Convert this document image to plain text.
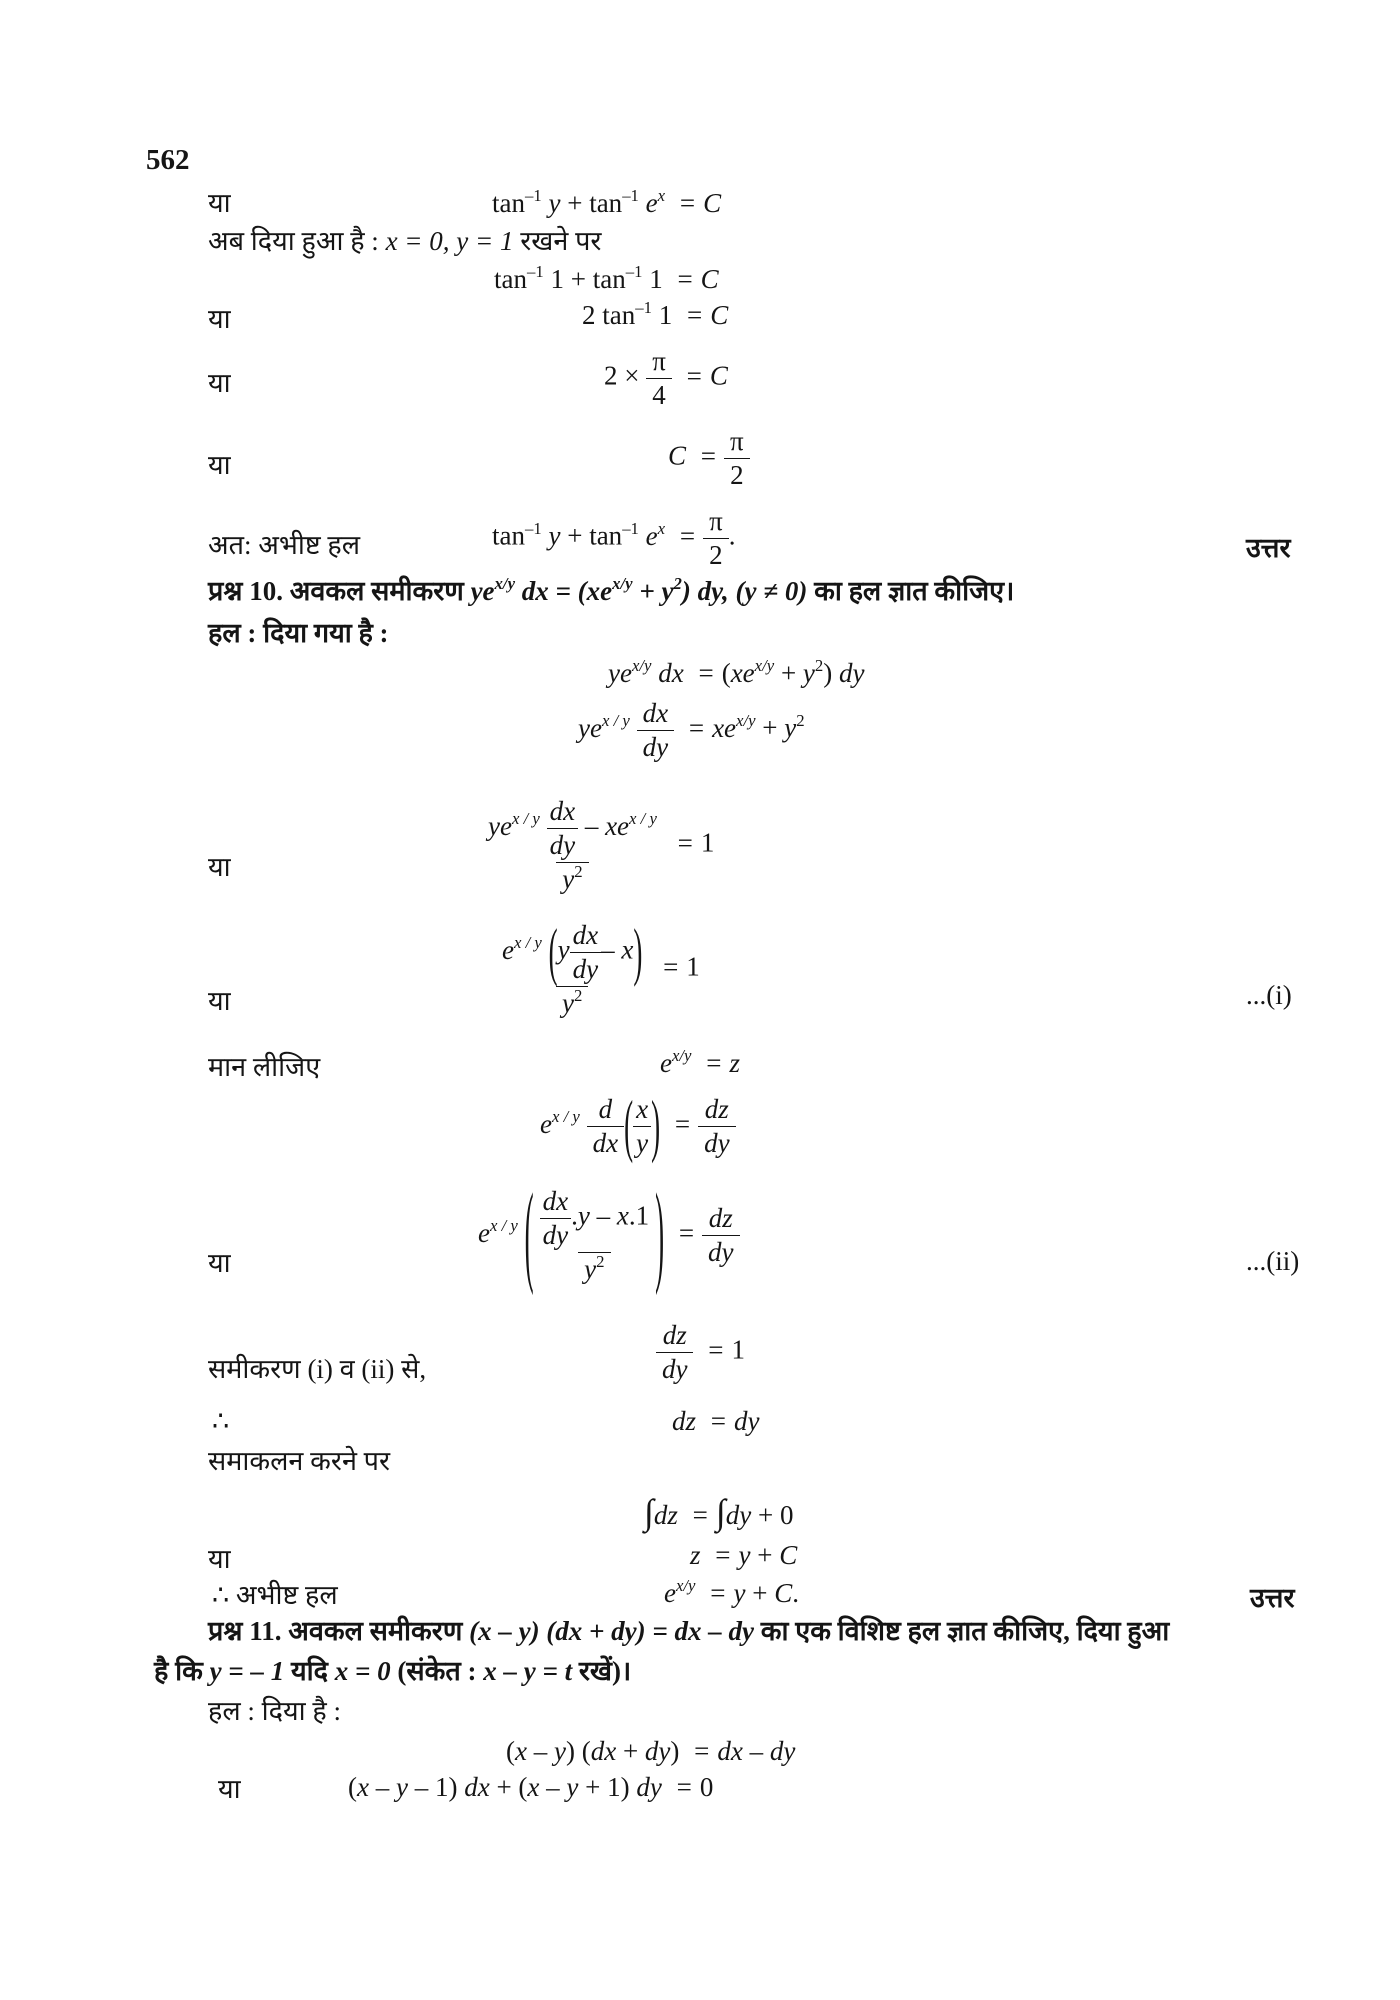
562
या	$\tan^{-1} y + \tan^{-1} e^x = C$
अब दिया हुआ है : x = 0, y = 1 रखने पर
$\tan^{-1} 1 + \tan^{-1} 1 = C$
या	2 $\tan^{-1} 1 = C$
या	$2 \times \frac{\pi}{4} = C$
या	$C = \frac{\pi}{2}$
अत: अभीष्ट हल	$\tan^{-1} y + \tan^{-1} e^x = \frac{\pi}{2}$ .	उत्तर
प्रश्न 10. अवकल समीकरण $ye^{x/y}$ dx = $(xe^{x/y} + y^2)$ dy, (y ≠ 0) का हल ज्ञात कीजिए।
हल : दिया गया है :
$ye^{x/y}$ dx = $(xe^{x/y} + y^2)$ dy
$ye^{x / y} \frac{dx}{dy} = xe^{x/y} + y^2$
या	$\frac{ye^{x / y} \frac{dx}{dy} - xe^{x / y}}{y^2} = 1$
या	$\frac{e^{x / y} (y \frac{dx}{dy} - x)}{y^2} = 1$
...(i)
मान लीजिए	$e^{x/y} = z$
$e^{x / y} \frac{d}{dx}$ ( $\frac{x}{y}$ ) = $\frac{dz}{dy}$
या
$e^{x / y}$ ( $\frac{\frac{dx}{dy} .y - x.1}{y^2}$ ) = $\frac{dz}{dy}$	...(ii)
समीकरण (i) व (ii) से,	$\frac{dz}{dy} = 1$
∴	dz = dy
समाकलन करने पर
∫dz = ∫dy + 0
या	z = y + C
∴ अभीष्ट हल	$e^{x/y} = y + C$.	उत्तर
प्रश्न 11. अवकल समीकरण (x – y) (dx + dy) = dx – dy का एक विशिष्ट हल ज्ञात कीजिए, दिया हुआ
है कि y = – 1 यदि x = 0 (संकेत : x – y = t रखें)।
हल : दिया है :
(x – y) (dx + dy) = dx – dy
या	(x – y – 1) dx + (x – y + 1) dy = 0
